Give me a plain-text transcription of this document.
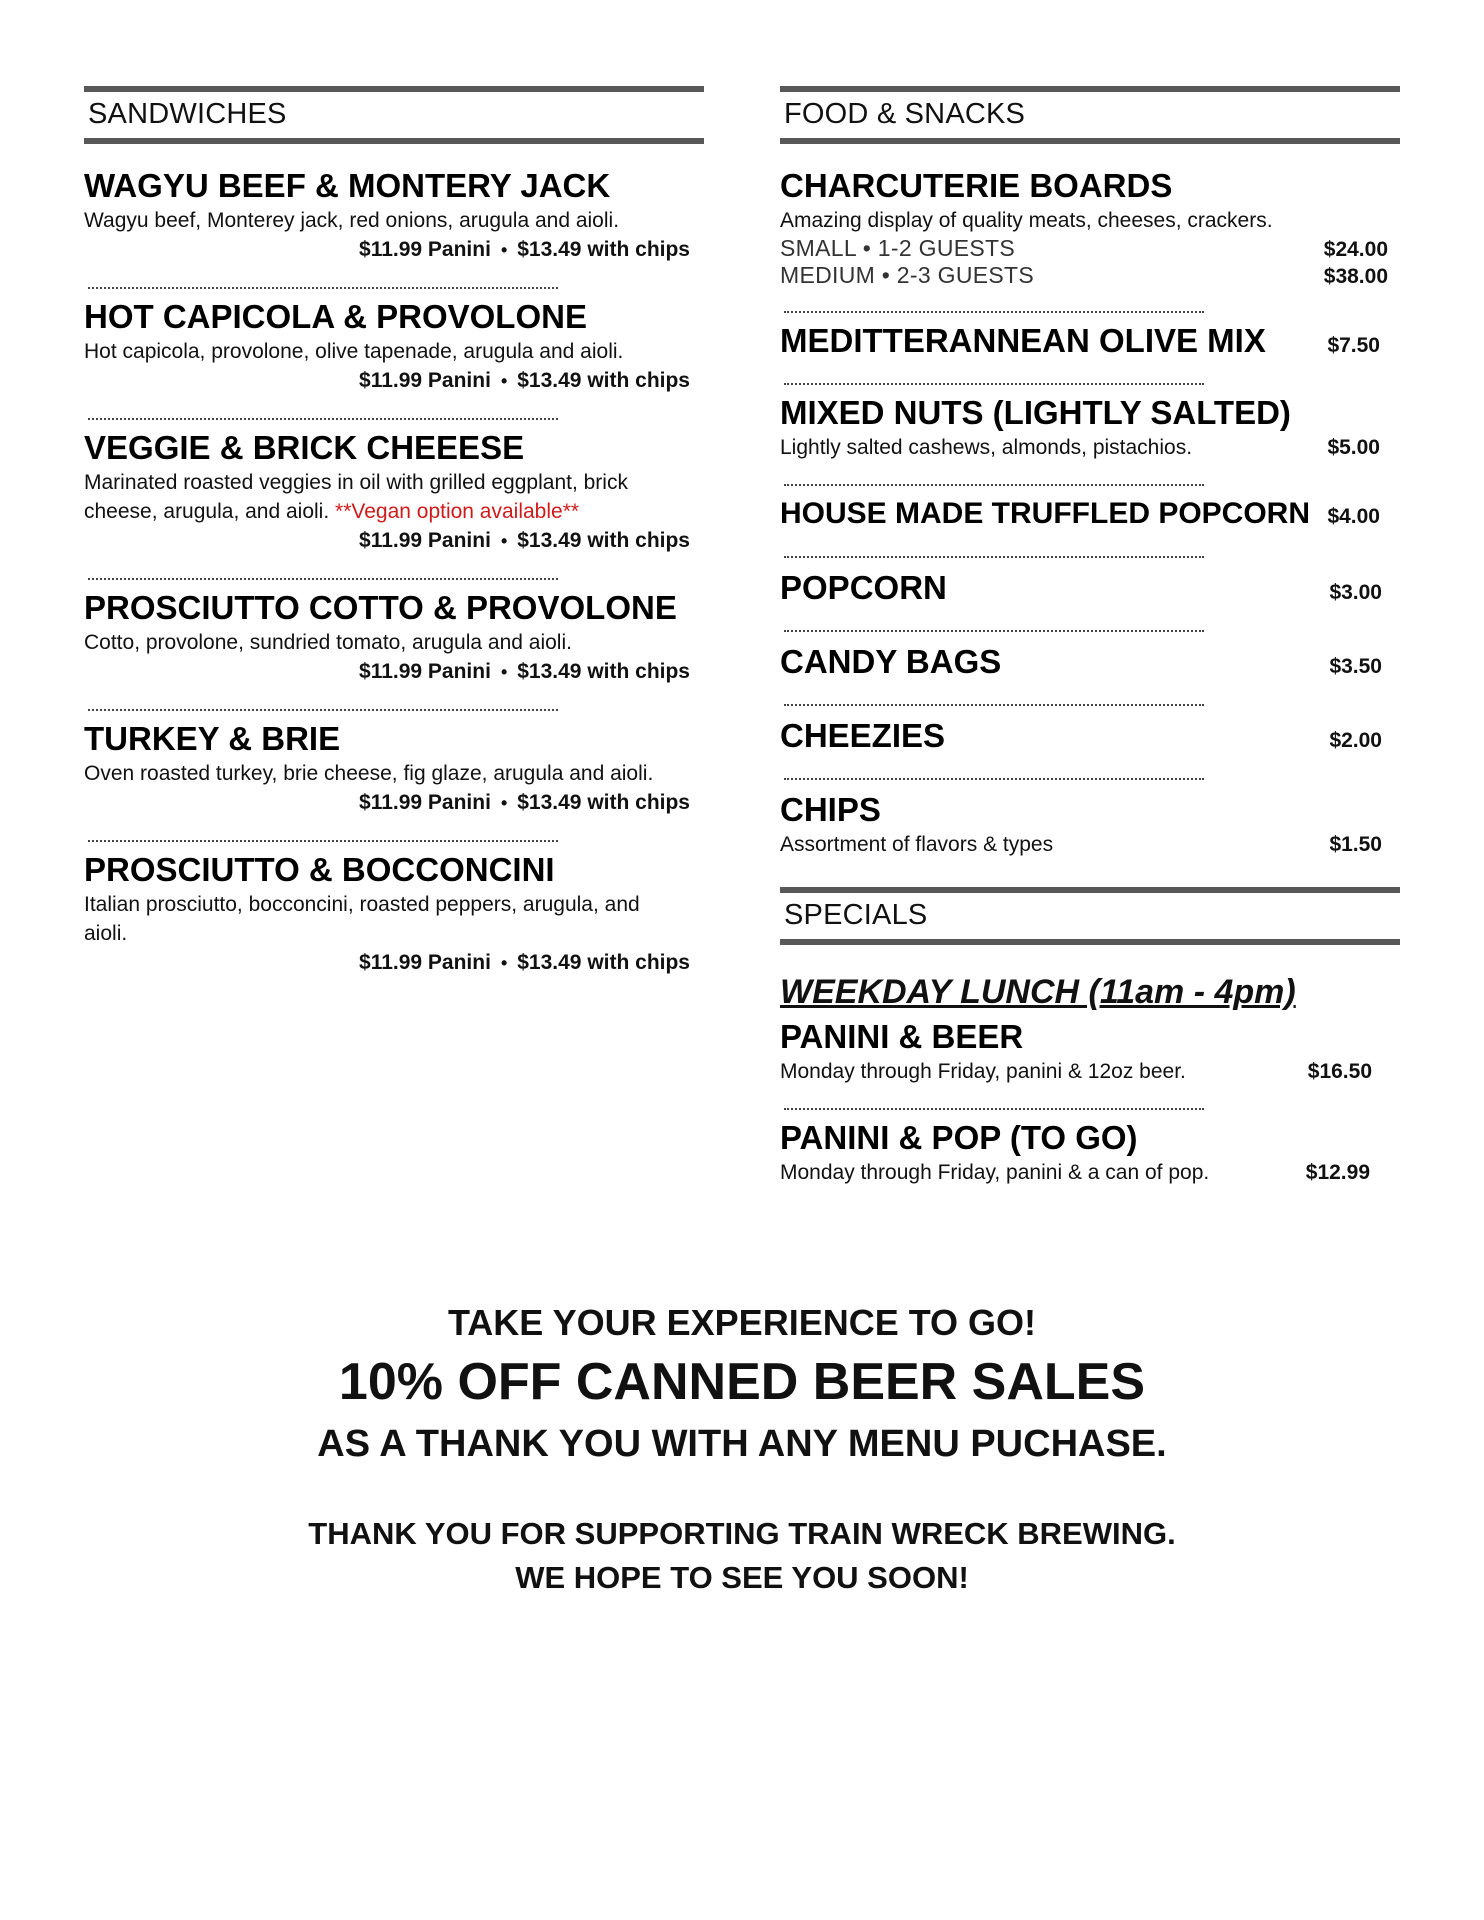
SANDWICHES

WAGYU BEEF & MONTERY JACK

Wagyu beef, Monterey jack, red onions, arugula and aioli.

$11.99 Panini • $13.49 with chips

HOT CAPICOLA & PROVOLONE

Hot capicola, provolone, olive tapenade, arugula and aioli.

$11.99 Panini • $13.49 with chips

VEGGIE & BRICK CHEEESE

Marinated roasted veggies in oil with grilled eggplant, brick cheese, arugula, and aioli. **Vegan option available**

$11.99 Panini • $13.49 with chips

PROSCIUTTO COTTO & PROVOLONE

Cotto, provolone, sundried tomato, arugula and aioli.

$11.99 Panini • $13.49 with chips

TURKEY & BRIE

Oven roasted turkey, brie cheese, fig glaze, arugula and aioli.

$11.99 Panini • $13.49 with chips

PROSCIUTTO & BOCCONCINI

Italian prosciutto, bocconcini, roasted peppers, arugula, and aioli.

$11.99 Panini • $13.49 with chips
FOOD & SNACKS

CHARCUTERIE BOARDS

Amazing display of quality meats, cheeses, crackers.

SMALL • 1-2 GUESTS	$24.00
MEDIUM • 2-3 GUESTS	$38.00

MEDITTERANNEAN OLIVE MIX	$7.50

MIXED NUTS (LIGHTLY SALTED)

Lightly salted cashews, almonds, pistachios.	$5.00

HOUSE MADE TRUFFLED POPCORN $4.00

POPCORN	$3.00

CANDY BAGS	$3.50

CHEEZIES	$2.00

CHIPS

Assortment of flavors & types	$1.50
SPECIALS

WEEKDAY LUNCH (11am - 4pm)

PANINI & BEER

Monday through Friday, panini & 12oz beer.	$16.50

PANINI & POP (TO GO)

Monday through Friday, panini & a can of pop.	$12.99
TAKE YOUR EXPERIENCE TO GO!
10% OFF CANNED BEER SALES
AS A THANK YOU WITH ANY MENU PUCHASE.
THANK YOU FOR SUPPORTING TRAIN WRECK BREWING.
WE HOPE TO SEE YOU SOON!
